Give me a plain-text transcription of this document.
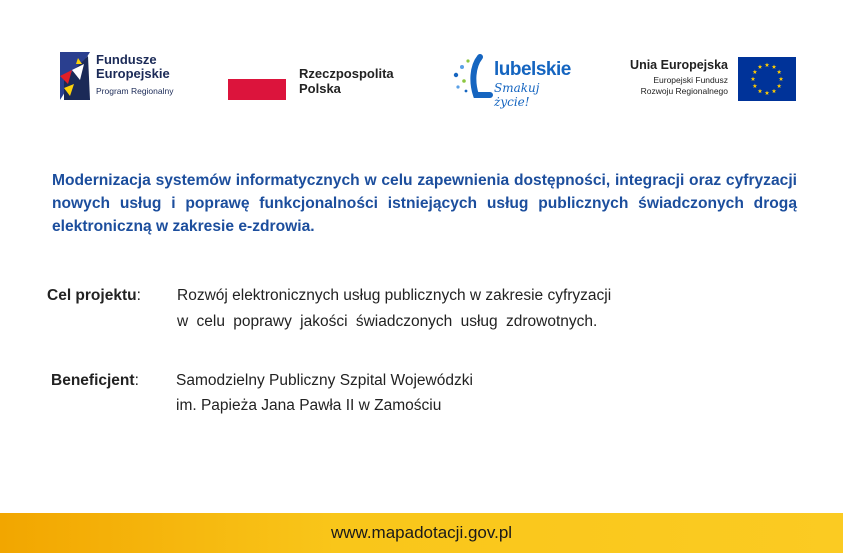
Fundusze
Europejskie
Program Regionalny
Rzeczpospolita
Polska
lubelskie
Smakuj życie!
Unia Europejska
Europejski Fundusz
Rozwoju Regionalnego
Modernizacja systemów informatycznych w celu zapewnienia dostępności, integracji oraz cyfryzacji nowych usług i poprawę funkcjonalności istniejących usług publicznych świadczonych drogą elektroniczną w zakresie e-zdrowia.
Cel projektu: Rozwój elektronicznych usług publicznych w zakresie cyfryzacji
w celu poprawy jakości świadczonych usług zdrowotnych.
Beneficjent: Samodzielny Publiczny Szpital Wojewódzki
im. Papieża Jana Pawła II w Zamościu
www.mapadotacji.gov.pl
